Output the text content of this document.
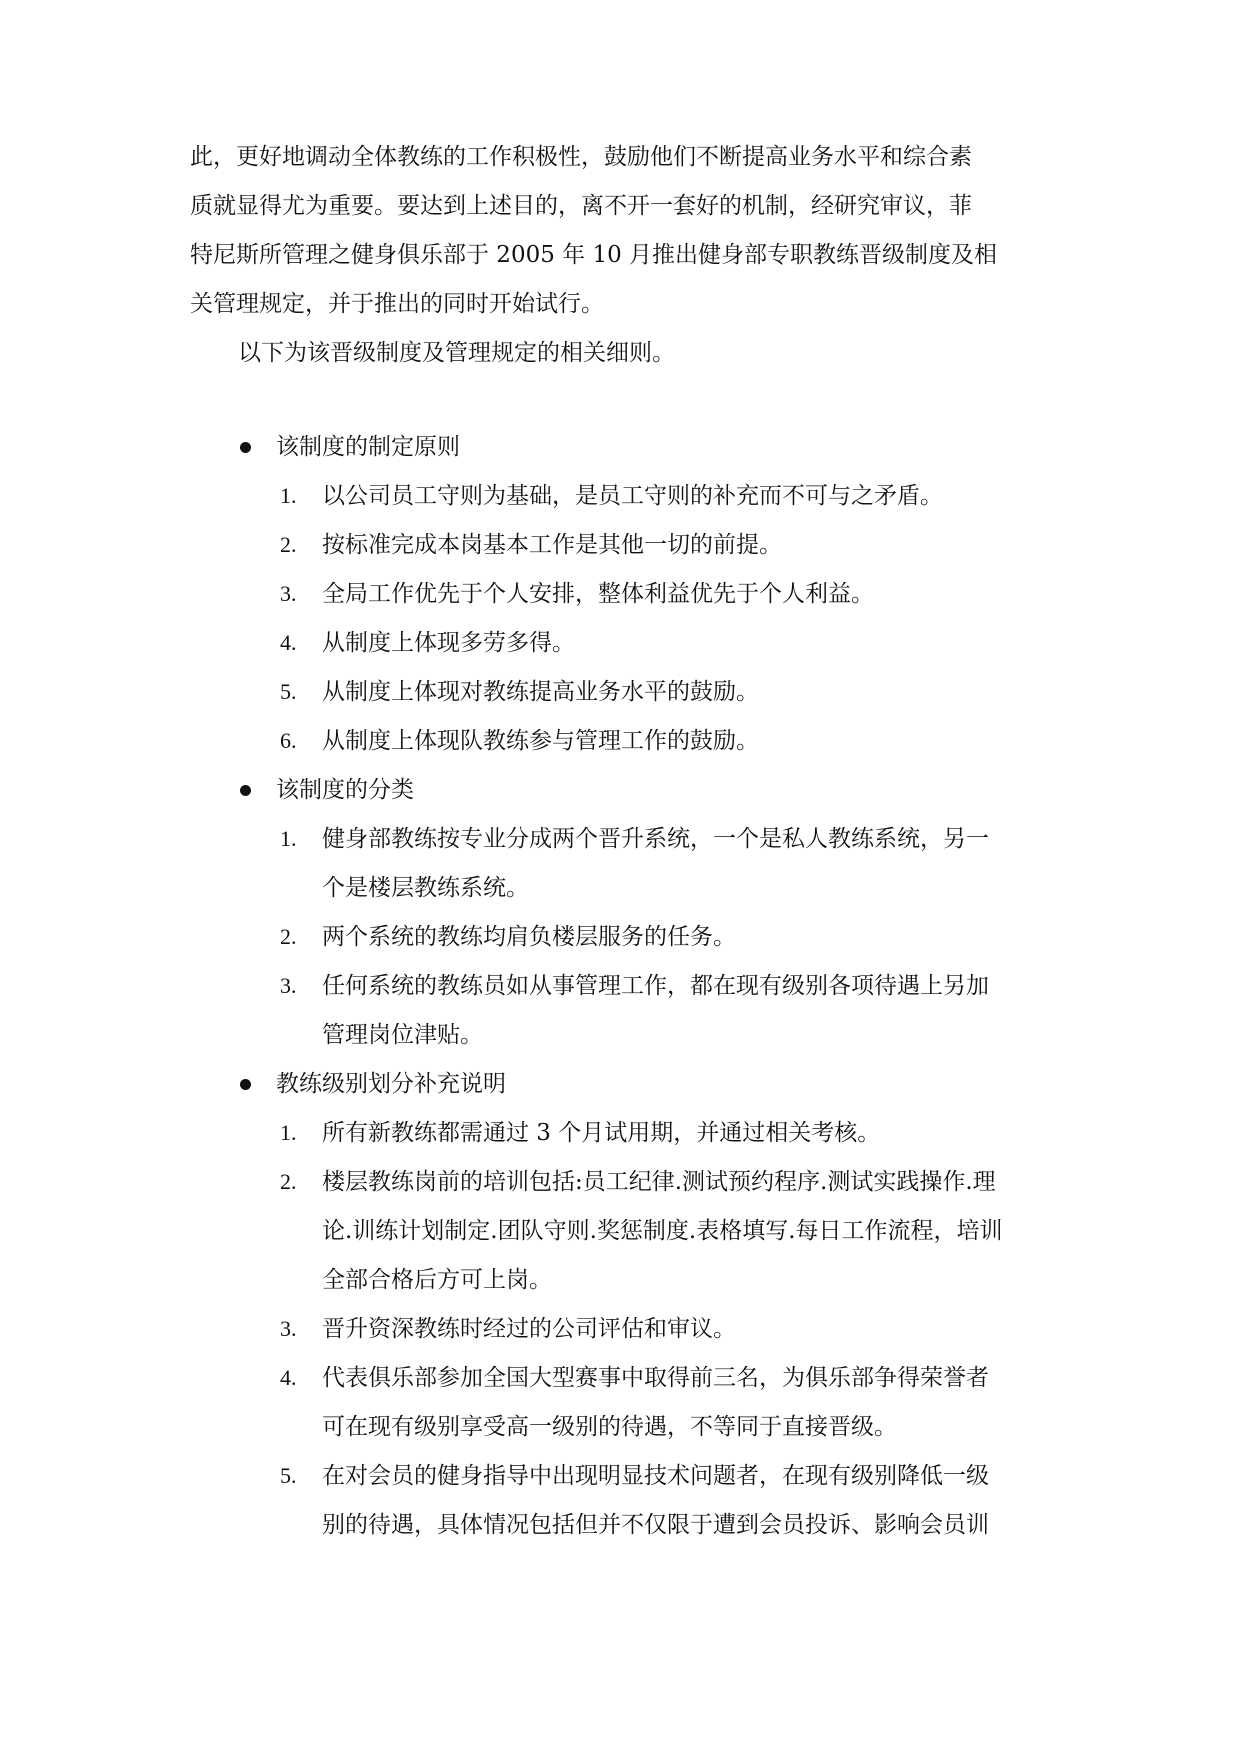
此，更好地调动全体教练的工作积极性，鼓励他们不断提高业务水平和综合素
质就显得尤为重要。要达到上述目的，离不开一套好的机制，经研究审议，菲
特尼斯所管理之健身俱乐部于 2005 年 10 月推出健身部专职教练晋级制度及相
关管理规定，并于推出的同时开始试行。
以下为该晋级制度及管理规定的相关细则。
该制度的制定原则
1. 以公司员工守则为基础，是员工守则的补充而不可与之矛盾。
2. 按标准完成本岗基本工作是其他一切的前提。
3. 全局工作优先于个人安排，整体利益优先于个人利益。
4. 从制度上体现多劳多得。
5. 从制度上体现对教练提高业务水平的鼓励。
6. 从制度上体现队教练参与管理工作的鼓励。
该制度的分类
1. 健身部教练按专业分成两个晋升系统，一个是私人教练系统，另一
个是楼层教练系统。
2. 两个系统的教练均肩负楼层服务的任务。
3. 任何系统的教练员如从事管理工作，都在现有级别各项待遇上另加
管理岗位津贴。
教练级别划分补充说明
1. 所有新教练都需通过 3 个月试用期，并通过相关考核。
2. 楼层教练岗前的培训包括:员工纪律.测试预约程序.测试实践操作.理
论.训练计划制定.团队守则.奖惩制度.表格填写.每日工作流程，培训
全部合格后方可上岗。
3. 晋升资深教练时经过的公司评估和审议。
4. 代表俱乐部参加全国大型赛事中取得前三名，为俱乐部争得荣誉者
可在现有级别享受高一级别的待遇，不等同于直接晋级。
5. 在对会员的健身指导中出现明显技术问题者，在现有级别降低一级
别的待遇，具体情况包括但并不仅限于遭到会员投诉、影响会员训
